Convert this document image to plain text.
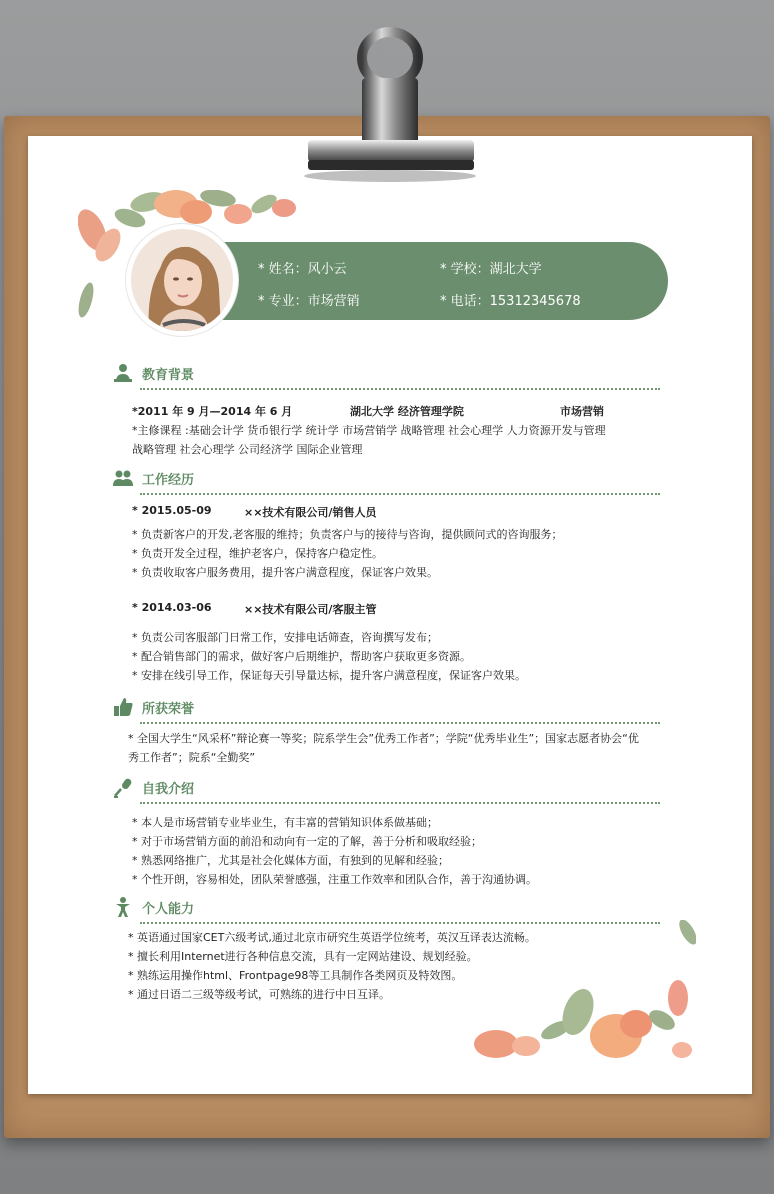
* 姓名：风小云	* 学校：湖北大学
* 专业：市场营销	* 电话：15312345678
教育背景
*2011 年 9 月—2014 年 6 月	湖北大学 经济管理学院	市场营销
*主修课程 :基础会计学 货币银行学 统计学 市场营销学 战略管理 社会心理学 人力资源开发与管理
战略管理 社会心理学 公司经济学 国际企业管理
工作经历
* 2015.05-09	××技术有限公司/销售人员
* 负责新客户的开发,老客服的维持；负责客户与的接待与咨询，提供顾问式的咨询服务；
* 负责开发全过程，维护老客户，保持客户稳定性。
* 负责收取客户服务费用，提升客户满意程度，保证客户效果。
* 2014.03-06	××技术有限公司/客服主管
* 负责公司客服部门日常工作，安排电话筛查，咨询撰写发布；
* 配合销售部门的需求，做好客户后期维护，帮助客户获取更多资源。
* 安排在线引导工作，保证每天引导量达标，提升客户满意程度，保证客户效果。
所获荣誉
* 全国大学生“风采杯”辩论赛一等奖；院系学生会”优秀工作者”；学院“优秀毕业生”；国家志愿者协会“优
秀工作者”；院系“全勤奖”
自我介绍
* 本人是市场营销专业毕业生，有丰富的营销知识体系做基础；
* 对于市场营销方面的前沿和动向有一定的了解，善于分析和吸取经验；
* 熟悉网络推广，尤其是社会化媒体方面，有独到的见解和经验；
* 个性开朗，容易相处，团队荣誉感强，注重工作效率和团队合作，善于沟通协调。
个人能力
* 英语通过国家CET六级考试,通过北京市研究生英语学位统考，英汉互译表达流畅。
* 擅长利用Internet进行各种信息交流，具有一定网站建设、规划经验。
* 熟练运用操作html、Frontpage98等工具制作各类网页及特效图。
* 通过日语二三级等级考试，可熟练的进行中日互译。
